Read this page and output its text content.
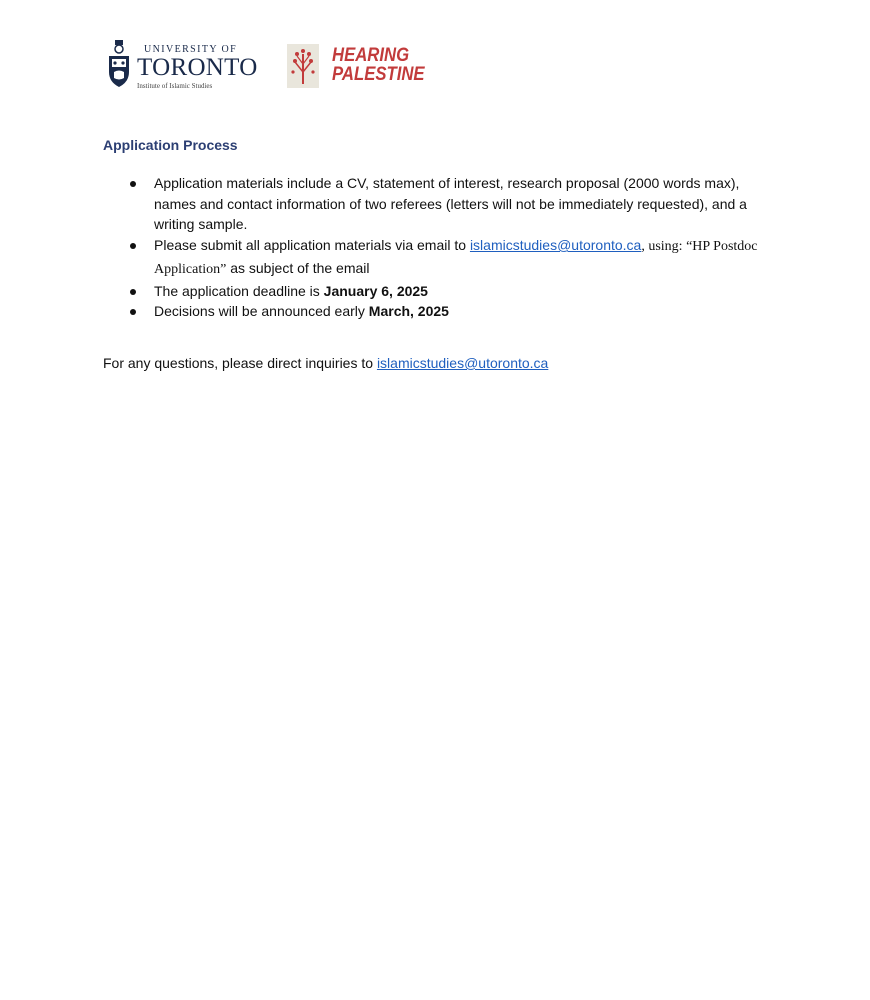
UNIVERSITY OF
TORONTO
Institute of Islamic Studies
HEARING
PALESTINE
Application Process
Application materials include a CV, statement of interest, research proposal (2000 words max), names and contact information of two referees (letters will not be immediately requested), and a writing sample.
Please submit all application materials via email to islamicstudies@utoronto.ca, using: “HP Postdoc Application” as subject of the email
The application deadline is January 6, 2025
Decisions will be announced early March, 2025
For any questions, please direct inquiries to islamicstudies@utoronto.ca
